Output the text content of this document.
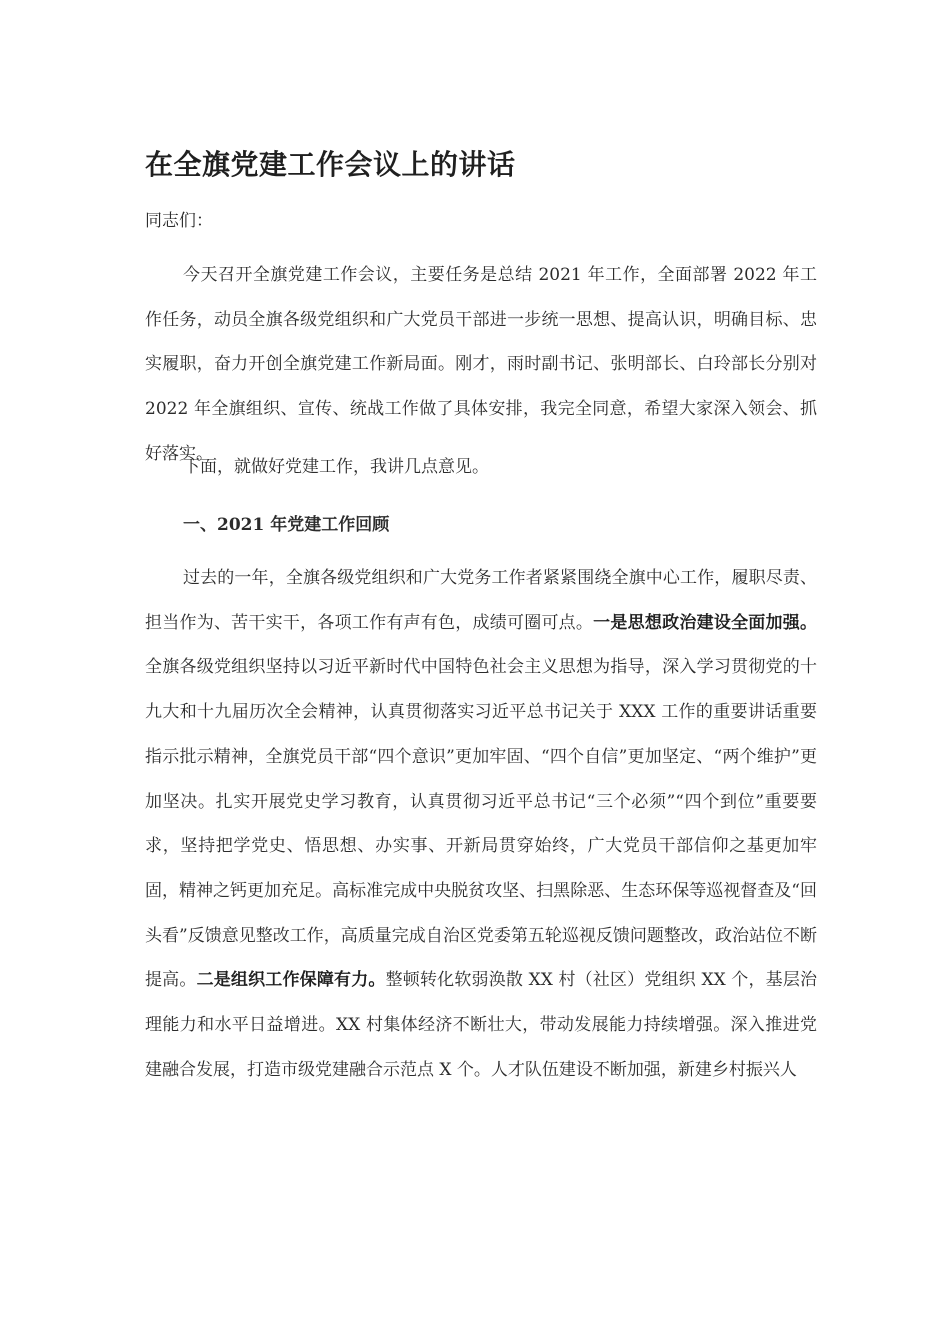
在全旗党建工作会议上的讲话

同志们：

今天召开全旗党建工作会议，主要任务是总结 2021 年工作，全面部署 2022 年工作任务，动员全旗各级党组织和广大党员干部进一步统一思想、提高认识，明确目标、忠实履职，奋力开创全旗党建工作新局面。刚才，雨时副书记、张明部长、白玲部长分别对 2022 年全旗组织、宣传、统战工作做了具体安排，我完全同意，希望大家深入领会、抓好落实。

下面，就做好党建工作，我讲几点意见。

一、2021 年党建工作回顾

过去的一年，全旗各级党组织和广大党务工作者紧紧围绕全旗中心工作，履职尽责、担当作为、苦干实干，各项工作有声有色，成绩可圈可点。一是思想政治建设全面加强。全旗各级党组织坚持以习近平新时代中国特色社会主义思想为指导，深入学习贯彻党的十九大和十九届历次全会精神，认真贯彻落实习近平总书记关于 XXX 工作的重要讲话重要指示批示精神，全旗党员干部“四个意识”更加牢固、“四个自信”更加坚定、“两个维护”更加坚决。扎实开展党史学习教育，认真贯彻习近平总书记“三个必须”“四个到位”重要要求，坚持把学党史、悟思想、办实事、开新局贯穿始终，广大党员干部信仰之基更加牢固，精神之钙更加充足。高标准完成中央脱贫攻坚、扫黑除恶、生态环保等巡视督查及“回头看”反馈意见整改工作，高质量完成自治区党委第五轮巡视反馈问题整改，政治站位不断提高。二是组织工作保障有力。整顿转化软弱涣散 XX 村（社区）党组织 XX 个，基层治理能力和水平日益增进。XX 村集体经济不断壮大，带动发展能力持续增强。深入推进党建融合发展，打造市级党建融合示范点 X 个。人才队伍建设不断加强，新建乡村振兴人
